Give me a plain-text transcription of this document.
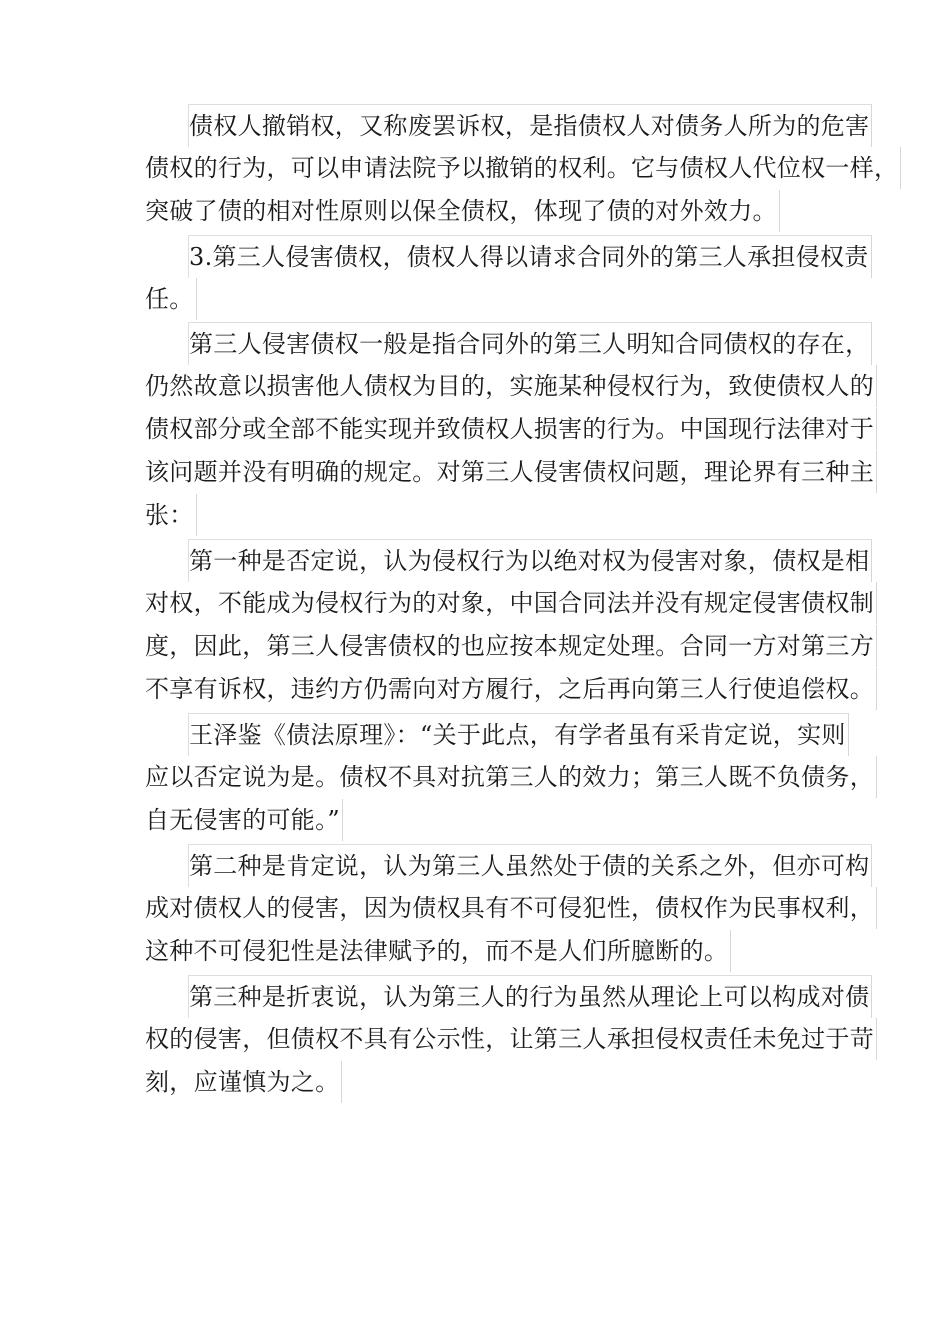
债权人撤销权，又称废罢诉权，是指债权人对债务人所为的危害
债权的行为，可以申请法院予以撤销的权利。它与债权人代位权一样，
突破了债的相对性原则以保全债权，体现了债的对外效力。
3.第三人侵害债权，债权人得以请求合同外的第三人承担侵权责
任。
第三人侵害债权一般是指合同外的第三人明知合同债权的存在，
仍然故意以损害他人债权为目的，实施某种侵权行为，致使债权人的
债权部分或全部不能实现并致债权人损害的行为。中国现行法律对于
该问题并没有明确的规定。对第三人侵害债权问题，理论界有三种主
张：
第一种是否定说，认为侵权行为以绝对权为侵害对象，债权是相
对权，不能成为侵权行为的对象，中国合同法并没有规定侵害债权制
度，因此，第三人侵害债权的也应按本规定处理。合同一方对第三方
不享有诉权，违约方仍需向对方履行，之后再向第三人行使追偿权。
王泽鉴《债法原理》：“关于此点，有学者虽有采肯定说，实则
应以否定说为是。债权不具对抗第三人的效力；第三人既不负债务，
自无侵害的可能。”
第二种是肯定说，认为第三人虽然处于债的关系之外，但亦可构
成对债权人的侵害，因为债权具有不可侵犯性，债权作为民事权利，
这种不可侵犯性是法律赋予的，而不是人们所臆断的。
第三种是折衷说，认为第三人的行为虽然从理论上可以构成对债
权的侵害，但债权不具有公示性，让第三人承担侵权责任未免过于苛
刻，应谨慎为之。
